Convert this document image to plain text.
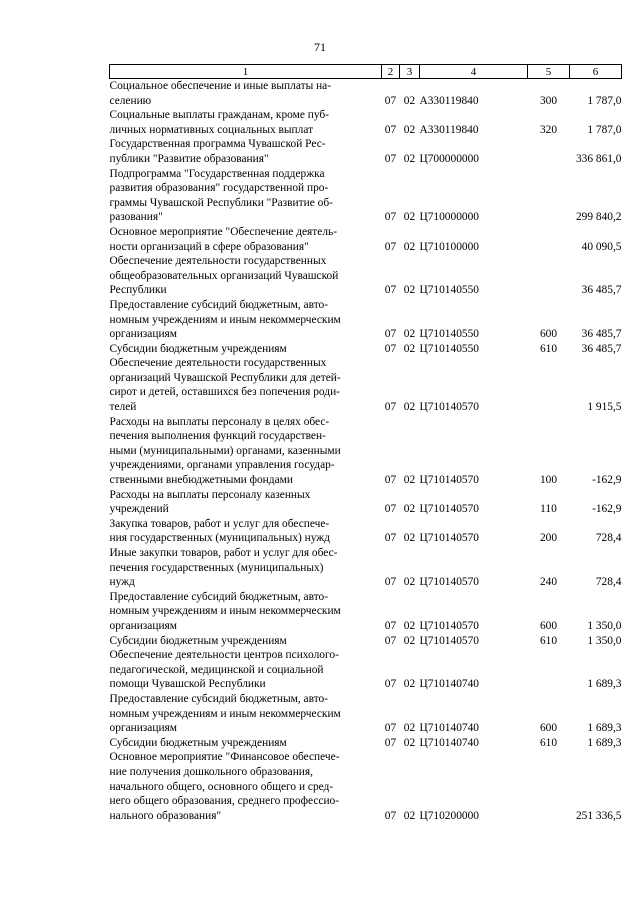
71
1	2	3	4	5	6
Социальное обеспечение и иные выплаты на-
селению	07	02	А330119840	300	1 787,0
Социальные выплаты гражданам, кроме пуб-
личных нормативных социальных выплат	07	02	А330119840	320	1 787,0
Государственная программа Чувашской Рес-
публики "Развитие образования"	07	02	Ц700000000		336 861,0
Подпрограмма "Государственная поддержка
развития образования" государственной про-
граммы Чувашской Республики "Развитие об-
разования"	07	02	Ц710000000		299 840,2
Основное мероприятие "Обеспечение деятель-
ности организаций в сфере образования"	07	02	Ц710100000		40 090,5
Обеспечение деятельности государственных
общеобразовательных организаций Чувашской
Республики	07	02	Ц710140550		36 485,7
Предоставление субсидий бюджетным, авто-
номным учреждениям и иным некоммерческим
организациям	07	02	Ц710140550	600	36 485,7
Субсидии бюджетным учреждениям	07	02	Ц710140550	610	36 485,7
Обеспечение деятельности государственных
организаций Чувашской Республики для детей-
сирот и детей, оставшихся без попечения роди-
телей	07	02	Ц710140570		1 915,5
Расходы на выплаты персоналу в целях обес-
печения выполнения функций государствен-
ными (муниципальными) органами, казенными
учреждениями, органами управления государ-
ственными внебюджетными фондами	07	02	Ц710140570	100	-162,9
Расходы на выплаты персоналу казенных
учреждений	07	02	Ц710140570	110	-162,9
Закупка товаров, работ и услуг для обеспече-
ния государственных (муниципальных) нужд	07	02	Ц710140570	200	728,4
Иные закупки товаров, работ и услуг для обес-
печения государственных (муниципальных)
нужд	07	02	Ц710140570	240	728,4
Предоставление субсидий бюджетным, авто-
номным учреждениям и иным некоммерческим
организациям	07	02	Ц710140570	600	1 350,0
Субсидии бюджетным учреждениям	07	02	Ц710140570	610	1 350,0
Обеспечение деятельности центров психолого-
педагогической, медицинской и социальной
помощи Чувашской Республики	07	02	Ц710140740		1 689,3
Предоставление субсидий бюджетным, авто-
номным учреждениям и иным некоммерческим
организациям	07	02	Ц710140740	600	1 689,3
Субсидии бюджетным учреждениям	07	02	Ц710140740	610	1 689,3
Основное мероприятие "Финансовое обеспече-
ние получения дошкольного образования,
начального общего, основного общего и сред-
него общего образования, среднего профессио-
нального образования"	07	02	Ц710200000		251 336,5
